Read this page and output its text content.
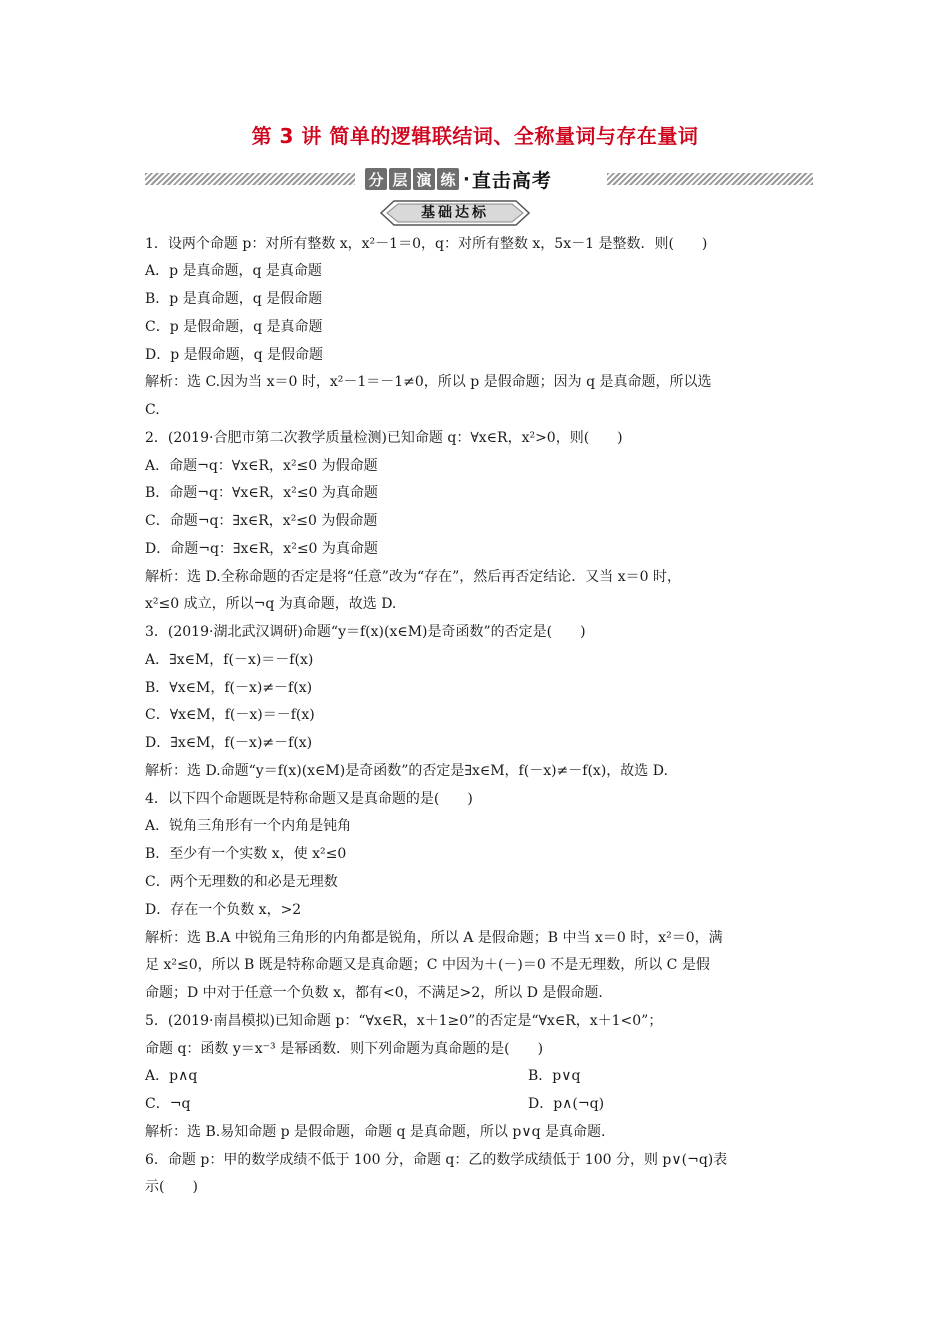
第 3 讲 简单的逻辑联结词、全称量词与存在量词
分 层 演 练 · 直击高考
基础达标
1．设两个命题 p：对所有整数 x，x²－1＝0，q：对所有整数 x，5x－1 是整数．则(　　)
A．p 是真命题，q 是真命题
B．p 是真命题，q 是假命题
C．p 是假命题，q 是真命题
D．p 是假命题，q 是假命题
解析：选 C.因为当 x＝0 时，x²－1＝－1≠0，所以 p 是假命题；因为 q 是真命题，所以选
C.
2．(2019·合肥市第二次教学质量检测)已知命题 q：∀x∈R，x²>0，则(　　)
A．命题¬q：∀x∈R，x²≤0 为假命题
B．命题¬q：∀x∈R，x²≤0 为真命题
C．命题¬q：∃x∈R，x²≤0 为假命题
D．命题¬q：∃x∈R，x²≤0 为真命题
解析：选 D.全称命题的否定是将“任意”改为“存在”，然后再否定结论．又当 x＝0 时，
x²≤0 成立，所以¬q 为真命题，故选 D.
3．(2019·湖北武汉调研)命题“y＝f(x)(x∈M)是奇函数”的否定是(　　)
A．∃x∈M，f(－x)＝－f(x)
B．∀x∈M，f(－x)≠－f(x)
C．∀x∈M，f(－x)＝－f(x)
D．∃x∈M，f(－x)≠－f(x)
解析：选 D.命题“y＝f(x)(x∈M)是奇函数”的否定是∃x∈M，f(－x)≠－f(x)，故选 D.
4．以下四个命题既是特称命题又是真命题的是(　　)
A．锐角三角形有一个内角是钝角
B．至少有一个实数 x，使 x²≤0
C．两个无理数的和必是无理数
D．存在一个负数 x，>2
解析：选 B.A 中锐角三角形的内角都是锐角，所以 A 是假命题；B 中当 x＝0 时，x²＝0，满
足 x²≤0，所以 B 既是特称命题又是真命题；C 中因为＋(－)＝0 不是无理数，所以 C 是假
命题；D 中对于任意一个负数 x，都有<0，不满足>2，所以 D 是假命题.
5．(2019·南昌模拟)已知命题 p：“∀x∈R，x＋1≥0”的否定是“∀x∈R，x＋1<0”；
命题 q：函数 y＝x⁻³ 是幂函数．则下列命题为真命题的是(　　)
A．p∧q	B．p∨q
C．¬q	D．p∧(¬q)
解析：选 B.易知命题 p 是假命题，命题 q 是真命题，所以 p∨q 是真命题.
6．命题 p：甲的数学成绩不低于 100 分，命题 q：乙的数学成绩低于 100 分，则 p∨(¬q)表
示(　　)
